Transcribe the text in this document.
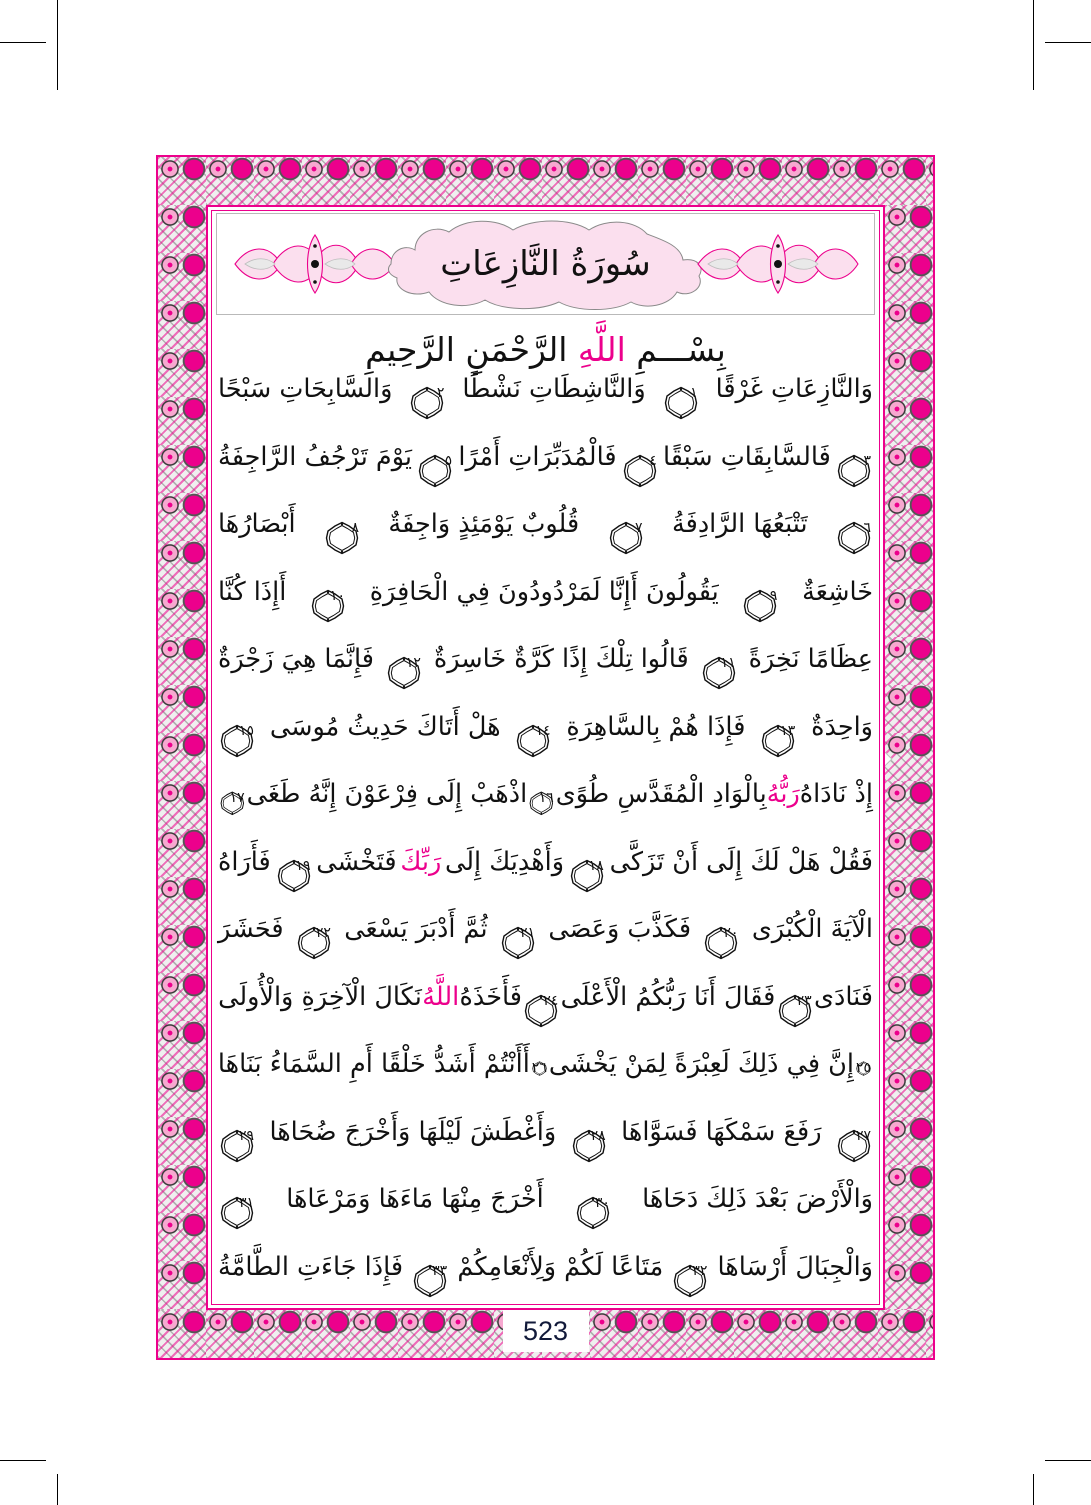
سُورَةُ النَّازِعَاتِ
بِسْـــمِ اللَّهِ الرَّحْمَنِ الرَّحِيمِ
وَالنَّازِعَاتِ غَرْقًا
١
وَالنَّاشِطَاتِ نَشْطًا
٢
وَالسَّابِحَاتِ سَبْحًا
٣
فَالسَّابِقَاتِ سَبْقًا
٤
فَالْمُدَبِّرَاتِ أَمْرًا
٥
يَوْمَ تَرْجُفُ الرَّاجِفَةُ
٦
تَتْبَعُهَا الرَّادِفَةُ
٧
قُلُوبٌ يَوْمَئِذٍ وَاجِفَةٌ
٨
أَبْصَارُهَا
خَاشِعَةٌ
٩
يَقُولُونَ أَإِنَّا لَمَرْدُودُونَ فِي الْحَافِرَةِ
١٠
أَإِذَا كُنَّا
عِظَامًا نَخِرَةً
١١
قَالُوا تِلْكَ إِذًا كَرَّةٌ خَاسِرَةٌ
١٢
فَإِنَّمَا هِيَ زَجْرَةٌ
وَاحِدَةٌ
١٣
فَإِذَا هُمْ بِالسَّاهِرَةِ
١٤
هَلْ أَتَاكَ حَدِيثُ مُوسَى
١٥
إِذْ نَادَاهُ
رَبُّهُ
بِالْوَادِ الْمُقَدَّسِ طُوًى
١٦
اذْهَبْ إِلَى فِرْعَوْنَ إِنَّهُ طَغَى
١٧
فَقُلْ هَلْ لَكَ إِلَى أَنْ تَزَكَّى
١٨
وَأَهْدِيَكَ إِلَى
رَبِّكَ
فَتَخْشَى
١٩
فَأَرَاهُ
الْآيَةَ الْكُبْرَى
٢٠
فَكَذَّبَ وَعَصَى
٢١
ثُمَّ أَدْبَرَ يَسْعَى
٢٢
فَحَشَرَ
فَنَادَى
٢٣
فَقَالَ أَنَا رَبُّكُمُ الْأَعْلَى
٢٤
فَأَخَذَهُ
اللَّهُ
نَكَالَ الْآخِرَةِ وَالْأُولَى
٢٥
إِنَّ فِي ذَلِكَ لَعِبْرَةً لِمَنْ يَخْشَى
٢٦
أَأَنْتُمْ أَشَدُّ خَلْقًا أَمِ السَّمَاءُ بَنَاهَا
٢٧
رَفَعَ سَمْكَهَا فَسَوَّاهَا
٢٨
وَأَغْطَشَ لَيْلَهَا وَأَخْرَجَ ضُحَاهَا
٢٩
وَالْأَرْضَ بَعْدَ ذَلِكَ دَحَاهَا
٣٠
أَخْرَجَ مِنْهَا مَاءَهَا وَمَرْعَاهَا
٣١
وَالْجِبَالَ أَرْسَاهَا
٣٢
مَتَاعًا لَكُمْ وَلِأَنْعَامِكُمْ
٣٣
فَإِذَا جَاءَتِ الطَّامَّةُ
523
